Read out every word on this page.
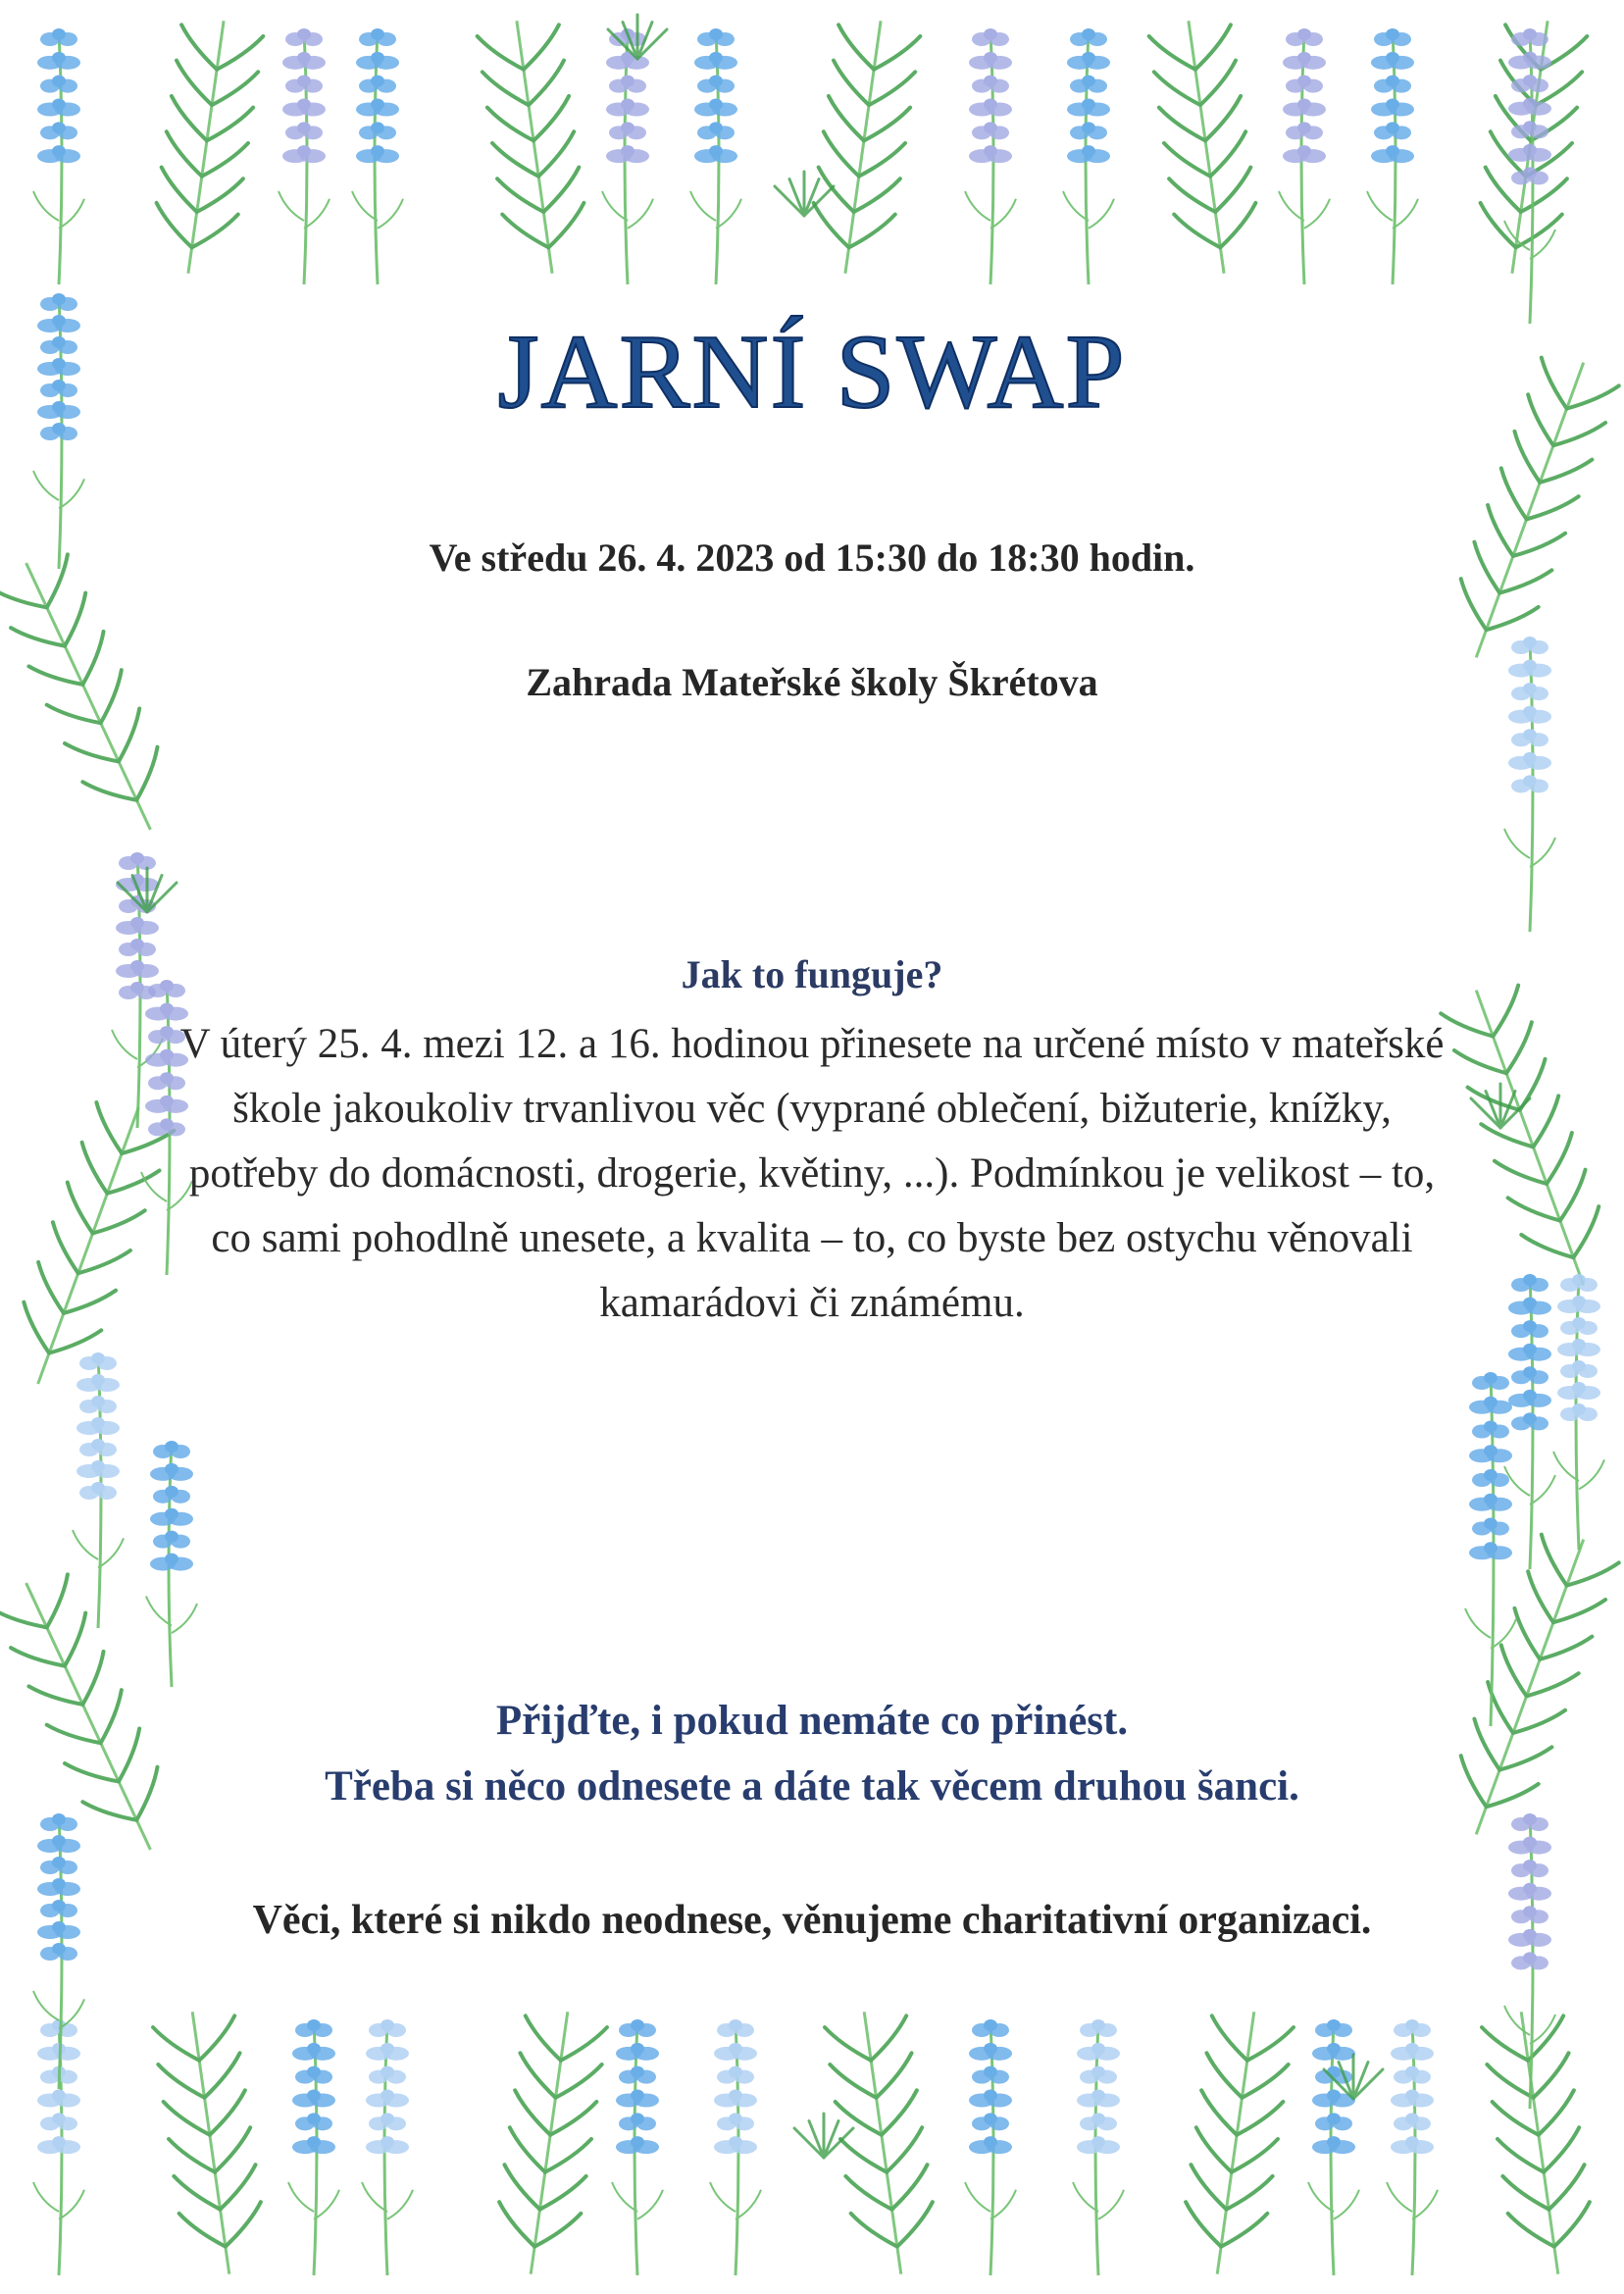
JARNÍ SWAP
Ve středu 26. 4. 2023 od 15:30 do 18:30 hodin.
Zahrada Mateřské školy Škrétova
Jak to funguje?
V úterý 25. 4. mezi 12. a 16. hodinou přinesete na určené místo v mateřské škole jakoukoliv trvanlivou věc (vyprané oblečení, bižuterie, knížky, potřeby do domácnosti, drogerie, květiny, ...). Podmínkou je velikost – to, co sami pohodlně unesete, a kvalita – to, co byste bez ostychu věnovali kamarádovi či známému.
Přijďte, i pokud nemáte co přinést.
Třeba si něco odnesete a dáte tak věcem druhou šanci.
Věci, které si nikdo neodnese, věnujeme charitativní organizaci.
